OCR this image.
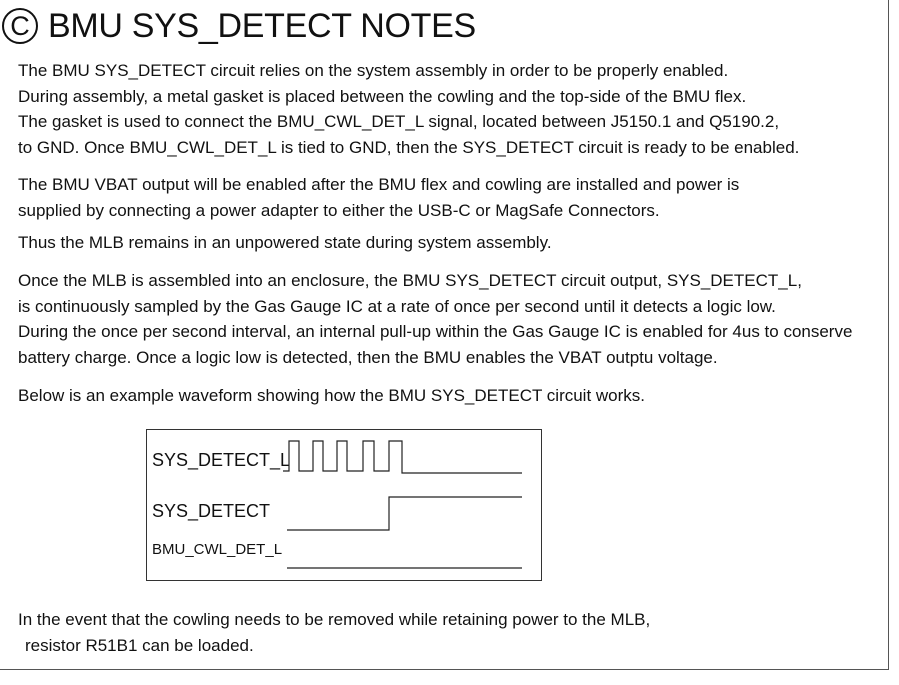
C BMU SYS_DETECT NOTES
The BMU SYS_DETECT circuit relies on the system assembly in order to be properly enabled.
During assembly, a metal gasket is placed between the cowling and the top-side of the BMU flex.
The gasket is used to connect the BMU_CWL_DET_L signal, located between J5150.1 and Q5190.2,
to GND. Once BMU_CWL_DET_L is tied to GND, then the SYS_DETECT circuit is ready to be enabled.
The BMU VBAT output will be enabled after the BMU flex and cowling are installed and power is
supplied by connecting a power adapter to either the USB-C or MagSafe Connectors.
Thus the MLB remains in an unpowered state during system assembly.
Once the MLB is assembled into an enclosure, the BMU SYS_DETECT circuit output, SYS_DETECT_L,
is continuously sampled by the Gas Gauge IC at a rate of once per second until it detects a logic low.
During the once per second interval, an internal pull-up within the Gas Gauge IC is enabled for 4us to conserve
battery charge. Once a logic low is detected, then the BMU enables the VBAT outptu voltage.
Below is an example waveform showing how the BMU SYS_DETECT circuit works.
SYS_DETECT_L
SYS_DETECT
BMU_CWL_DET_L
In the event that the cowling needs to be removed while retaining power to the MLB,
resistor R51B1 can be loaded.
